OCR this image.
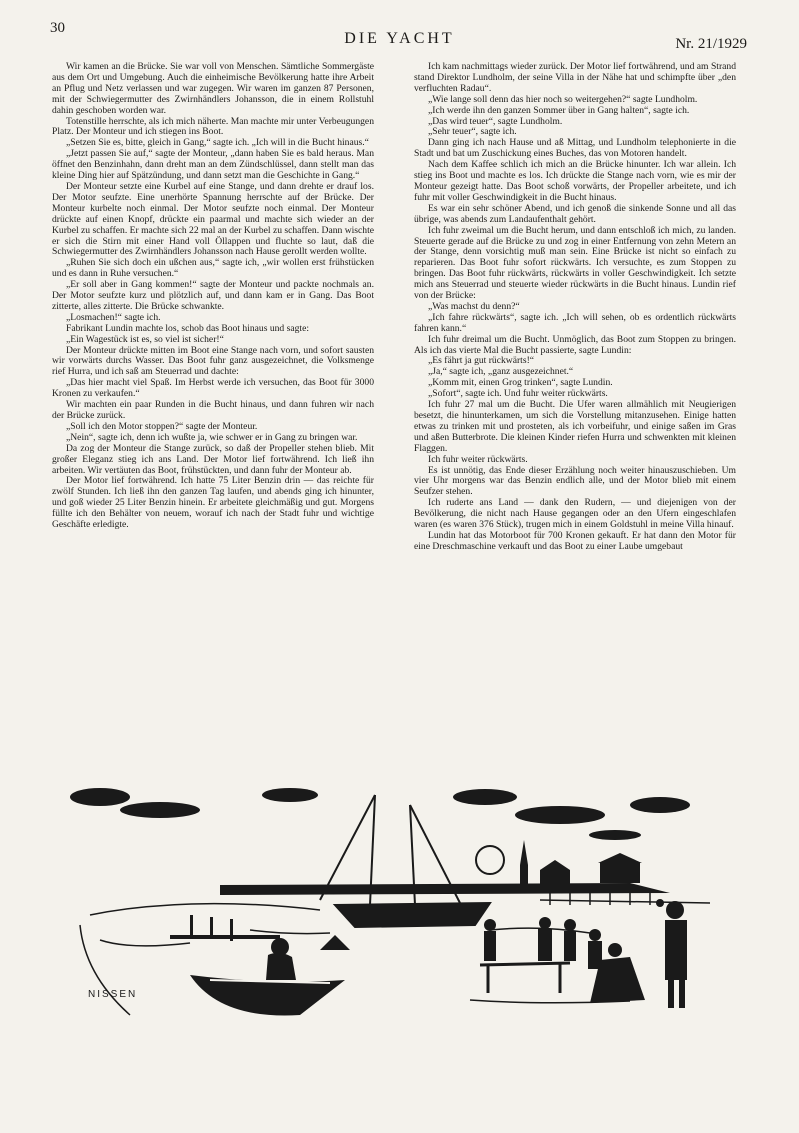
30
DIE YACHT	Nr. 21/1929

Wir kamen an die Brücke. Sie war voll von Menschen. Sämtliche Sommergäste aus dem Ort und Umgebung. Auch die einheimische Bevölkerung hatte ihre Arbeit an Pflug und Netz verlassen und war zugegen. Wir waren im ganzen 87 Personen, mit der Schwiegermutter des Zwirnhändlers Johansson, die in einem Rollstuhl dahin geschoben worden war.

Totenstille herrschte, als ich mich näherte. Man machte mir unter Verbeugungen Platz. Der Monteur und ich stiegen ins Boot.

„Setzen Sie es, bitte, gleich in Gang,“ sagte ich. „Ich will in die Bucht hinaus.“

„Jetzt passen Sie auf,“ sagte der Monteur, „dann haben Sie es bald heraus. Man öffnet den Benzinhahn, dann dreht man an dem Zündschlüssel, dann stellt man das kleine Ding hier auf Spätzündung, und dann setzt man die Geschichte in Gang.“

Der Monteur setzte eine Kurbel auf eine Stange, und dann drehte er drauf los. Der Motor seufzte. Eine unerhörte Spannung herrschte auf der Brücke. Der Monteur kurbelte noch einmal. Der Motor seufzte noch einmal. Der Monteur drückte auf einen Knopf, drückte ein paarmal und machte sich wieder an der Kurbel zu schaffen. Er machte sich 22 mal an der Kurbel zu schaffen. Dann wischte er sich die Stirn mit einer Hand voll Öllappen und fluchte so laut, daß die Schwiegermutter des Zwirnhändlers Johansson nach Hause gerollt werden wollte.

„Ruhen Sie sich doch ein ußchen aus,“ sagte ich, „wir wollen erst frühstücken und es dann in Ruhe versuchen.“

„Er soll aber in Gang kommen!“ sagte der Monteur und packte nochmals an. Der Motor seufzte kurz und plötzlich auf, und dann kam er in Gang. Das Boot zitterte, alles zitterte. Die Brücke schwankte.

„Losmachen!“ sagte ich.

Fabrikant Lundin machte los, schob das Boot hinaus und sagte:

„Ein Wagestück ist es, so viel ist sicher!“

Der Monteur drückte mitten im Boot eine Stange nach vorn, und sofort sausten wir vorwärts durchs Wasser. Das Boot fuhr ganz ausgezeichnet, die Volksmenge rief Hurra, und ich saß am Steuerrad und dachte:

„Das hier macht viel Spaß. Im Herbst werde ich versuchen, das Boot für 3000 Kronen zu verkaufen.“

Wir machten ein paar Runden in die Bucht hinaus, und dann fuhren wir nach der Brücke zurück.

„Soll ich den Motor stoppen?“ sagte der Monteur.

„Nein“, sagte ich, denn ich wußte ja, wie schwer er in Gang zu bringen war.

Da zog der Monteur die Stange zurück, so daß der Propeller stehen blieb. Mit großer Eleganz stieg ich ans Land. Der Motor lief fortwährend. Ich ließ ihn arbeiten. Wir vertäuten das Boot, frühstückten, und dann fuhr der Monteur ab.

Der Motor lief fortwährend. Ich hatte 75 Liter Benzin drin — das reichte für zwölf Stunden. Ich ließ ihn den ganzen Tag laufen, und abends ging ich hinunter, und goß wieder 25 Liter Benzin hinein. Er arbeitete gleichmäßig und gut. Morgens füllte ich den Behälter von neuem, worauf ich nach der Stadt fuhr und wichtige Geschäfte erledigte.

Ich kam nachmittags wieder zurück. Der Motor lief fortwährend, und am Strand stand Direktor Lundholm, der seine Villa in der Nähe hat und schimpfte über „den verfluchten Radau“.

„Wie lange soll denn das hier noch so weitergehen?“ sagte Lundholm.

„Ich werde ihn den ganzen Sommer über in Gang halten“, sagte ich.

„Das wird teuer“, sagte Lundholm.

„Sehr teuer“, sagte ich.

Dann ging ich nach Hause und aß Mittag, und Lundholm telephonierte in die Stadt und bat um Zuschickung eines Buches, das von Motoren handelt.

Nach dem Kaffee schlich ich mich an die Brücke hinunter. Ich war allein. Ich stieg ins Boot und machte es los. Ich drückte die Stange nach vorn, wie es mir der Monteur gezeigt hatte. Das Boot schoß vorwärts, der Propeller arbeitete, und ich fuhr mit voller Geschwindigkeit in die Bucht hinaus.

Es war ein sehr schöner Abend, und ich genoß die sinkende Sonne und all das übrige, was abends zum Landaufenthalt gehört.

Ich fuhr zweimal um die Bucht herum, und dann entschloß ich mich, zu landen. Steuerte gerade auf die Brücke zu und zog in einer Entfernung von zehn Metern an der Stange, denn vorsichtig muß man sein. Eine Brücke ist nicht so einfach zu reparieren. Das Boot fuhr sofort rückwärts. Ich versuchte, es zum Stoppen zu bringen. Das Boot fuhr rückwärts, rückwärts in voller Geschwindigkeit. Ich setzte mich ans Steuerrad und steuerte wieder rückwärts in die Bucht hinaus. Lundin rief von der Brücke:

„Was machst du denn?“

„Ich fahre rückwärts“, sagte ich. „Ich will sehen, ob es ordentlich rückwärts fahren kann.“

Ich fuhr dreimal um die Bucht. Unmöglich, das Boot zum Stoppen zu bringen. Als ich das vierte Mal die Bucht passierte, sagte Lundin:

„Es fährt ja gut rückwärts!“

„Ja,“ sagte ich, „ganz ausgezeichnet.“

„Komm mit, einen Grog trinken“, sagte Lundin.

„Sofort“, sagte ich. Und fuhr weiter rückwärts.

Ich fuhr 27 mal um die Bucht. Die Ufer waren allmählich mit Neugierigen besetzt, die hinunterkamen, um sich die Vorstellung mitanzusehen. Einige hatten etwas zu trinken mit und prosteten, als ich vorbeifuhr, und einige saßen im Gras und aßen Butterbrote. Die kleinen Kinder riefen Hurra und schwenkten mit kleinen Flaggen.

Ich fuhr weiter rückwärts.

Es ist unnötig, das Ende dieser Erzählung noch weiter hinauszuschieben. Um vier Uhr morgens war das Benzin endlich alle, und der Motor blieb mit einem Seufzer stehen.

Ich ruderte ans Land — dank den Rudern, — und diejenigen von der Bevölkerung, die nicht nach Hause gegangen oder an den Ufern eingeschlafen waren (es waren 376 Stück), trugen mich in einem Goldstuhl in meine Villa hinauf.

Lundin hat das Motorboot für 700 Kronen gekauft. Er hat dann den Motor für eine Dreschmaschine verkauft und das Boot zu einer Laube umgebaut

NISSEN
